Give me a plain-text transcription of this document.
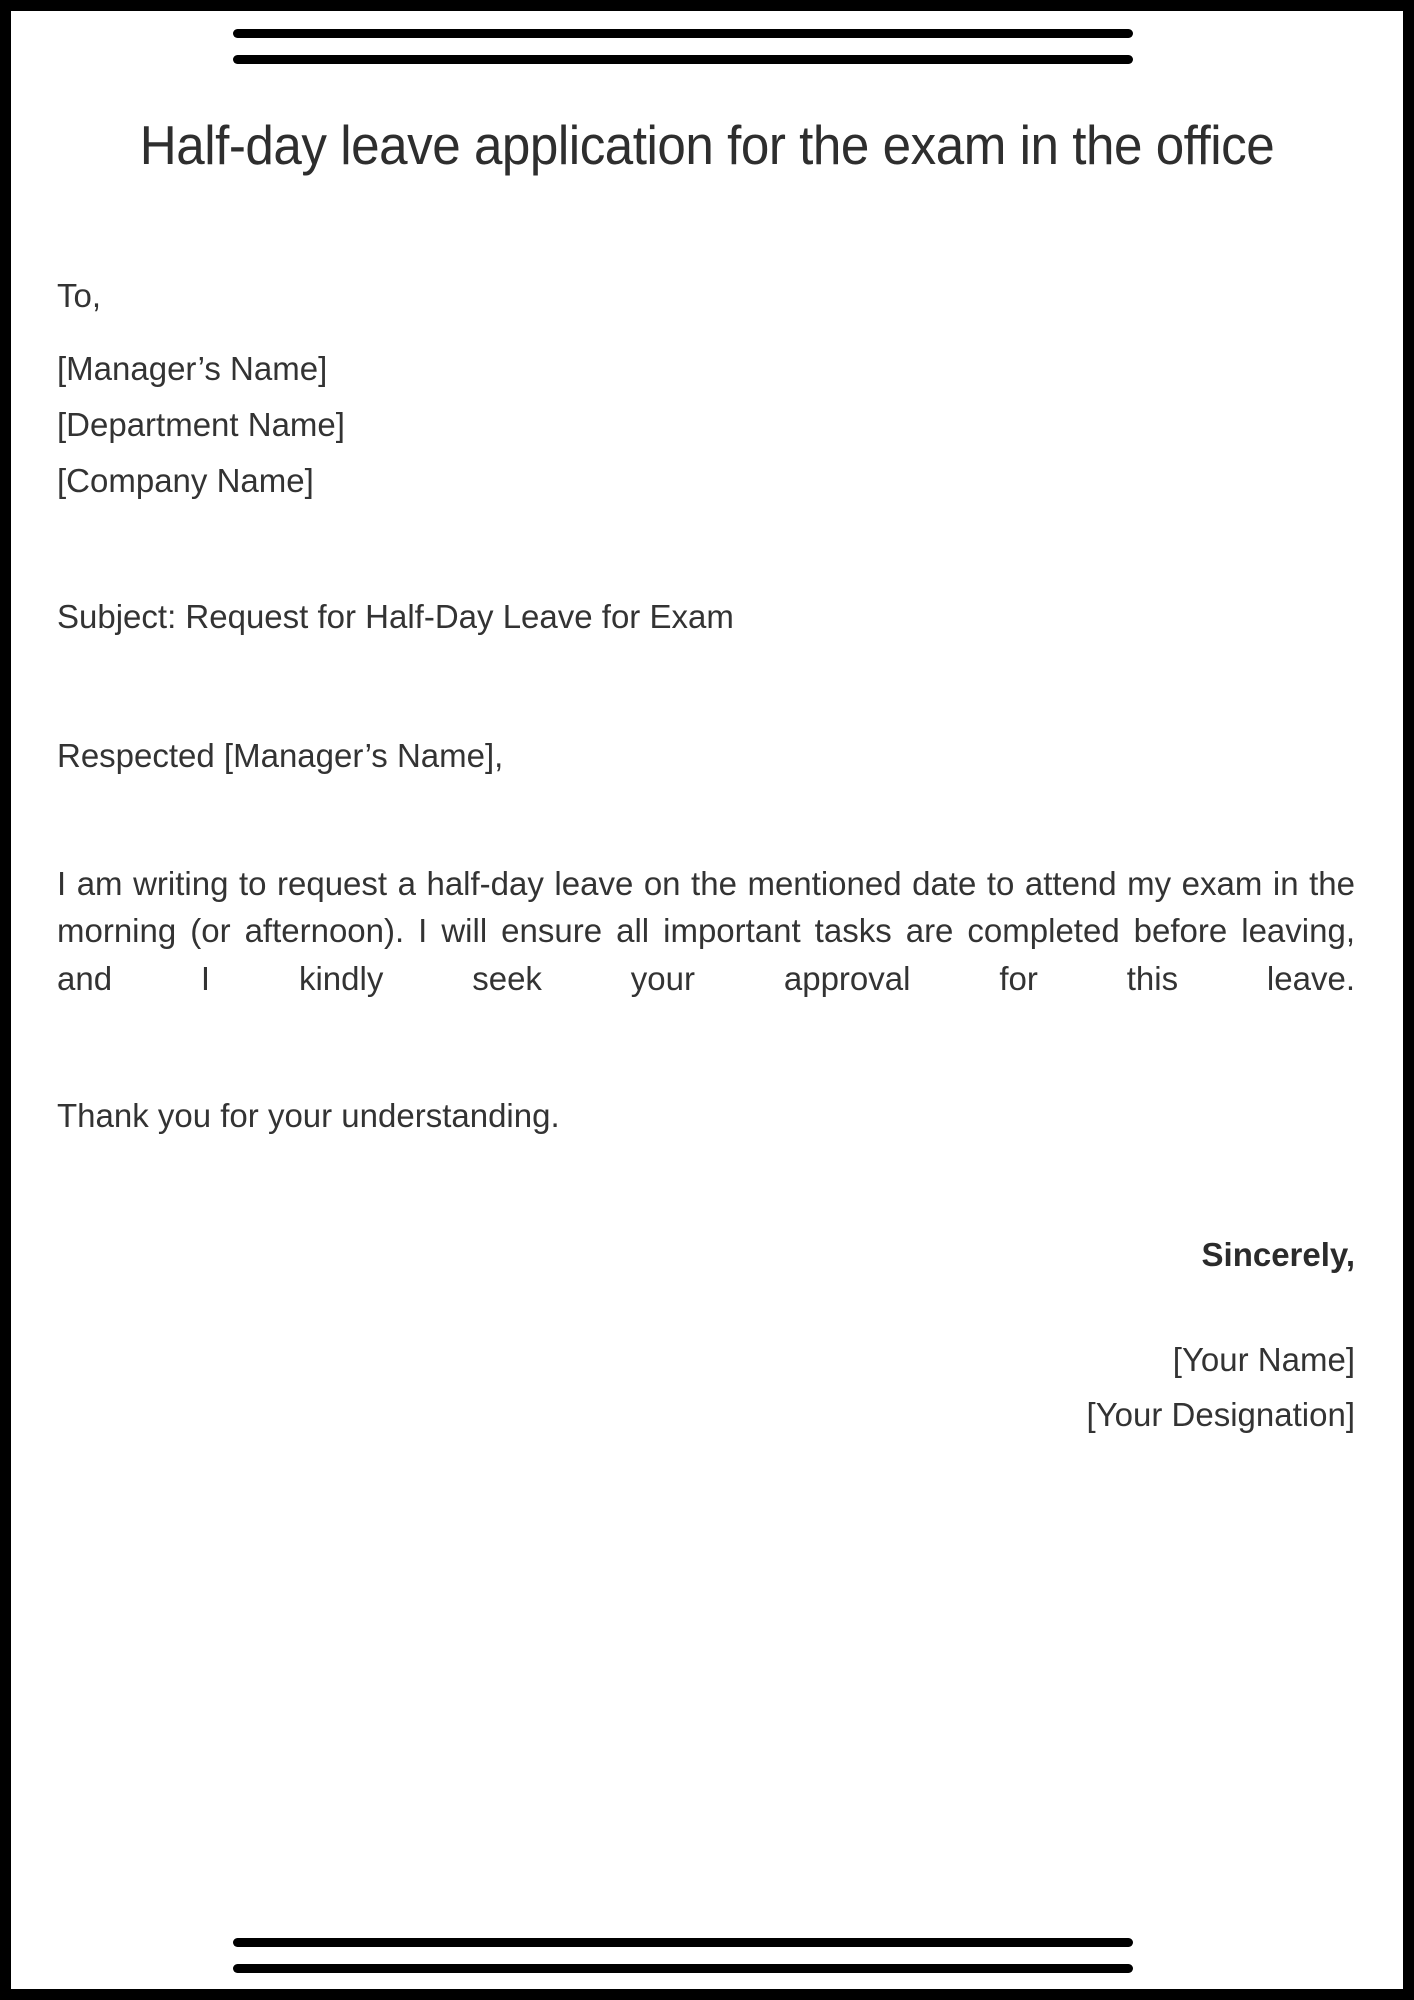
Half-day leave application for the exam in the office
To,
[Manager’s Name]
[Department Name]
[Company Name]
Subject: Request for Half-Day Leave for Exam
Respected [Manager’s Name],

I am writing to request a half-day leave on the mentioned date to attend my exam in the morning (or afternoon). I will ensure all important tasks are completed before leaving, and I kindly seek your approval for this leave.

Thank you for your understanding.
Sincerely,
[Your Name]
[Your Designation]
